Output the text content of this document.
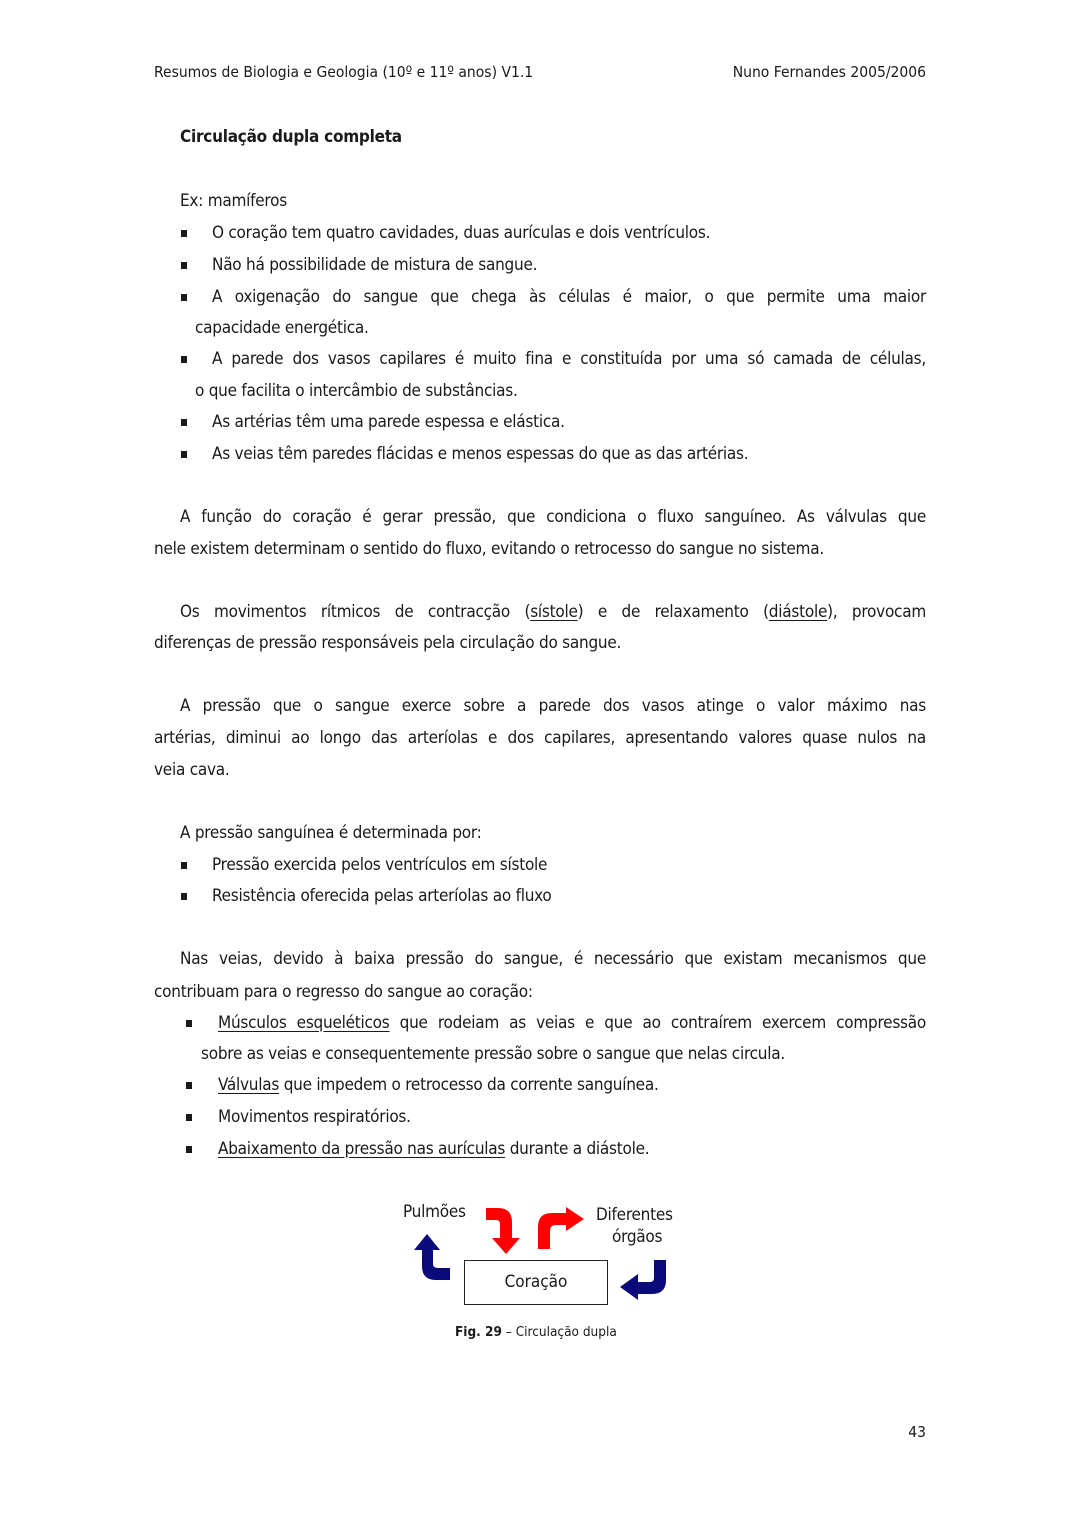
Resumos de Biologia e Geologia (10º e 11º anos) V1.1	Nuno Fernandes 2005/2006
Circulação dupla completa
Ex: mamíferos
O coração tem quatro cavidades, duas aurículas e dois ventrículos.
Não há possibilidade de mistura de sangue.
A oxigenação do sangue que chega às células é maior, o que permite uma maior
capacidade energética.
A parede dos vasos capilares é muito fina e constituída por uma só camada de células,
o que facilita o intercâmbio de substâncias.
As artérias têm uma parede espessa e elástica.
As veias têm paredes flácidas e menos espessas do que as das artérias.
A função do coração é gerar pressão, que condiciona o fluxo sanguíneo. As válvulas que
nele existem determinam o sentido do fluxo, evitando o retrocesso do sangue no sistema.
Os movimentos rítmicos de contracção (sístole) e de relaxamento (diástole), provocam
diferenças de pressão responsáveis pela circulação do sangue.
A pressão que o sangue exerce sobre a parede dos vasos atinge o valor máximo nas
artérias, diminui ao longo das arteríolas e dos capilares, apresentando valores quase nulos na
veia cava.
A pressão sanguínea é determinada por:
Pressão exercida pelos ventrículos em sístole
Resistência oferecida pelas arteríolas ao fluxo
Nas veias, devido à baixa pressão do sangue, é necessário que existam mecanismos que
contribuam para o regresso do sangue ao coração:
Músculos esqueléticos que rodeiam as veias e que ao contraírem exercem compressão
sobre as veias e consequentemente pressão sobre o sangue que nelas circula.
Válvulas que impedem o retrocesso da corrente sanguínea.
Movimentos respiratórios.
Abaixamento da pressão nas aurículas durante a diástole.
Pulmões	Diferentes
órgãos
Coração
Fig. 29 – Circulação dupla
43
